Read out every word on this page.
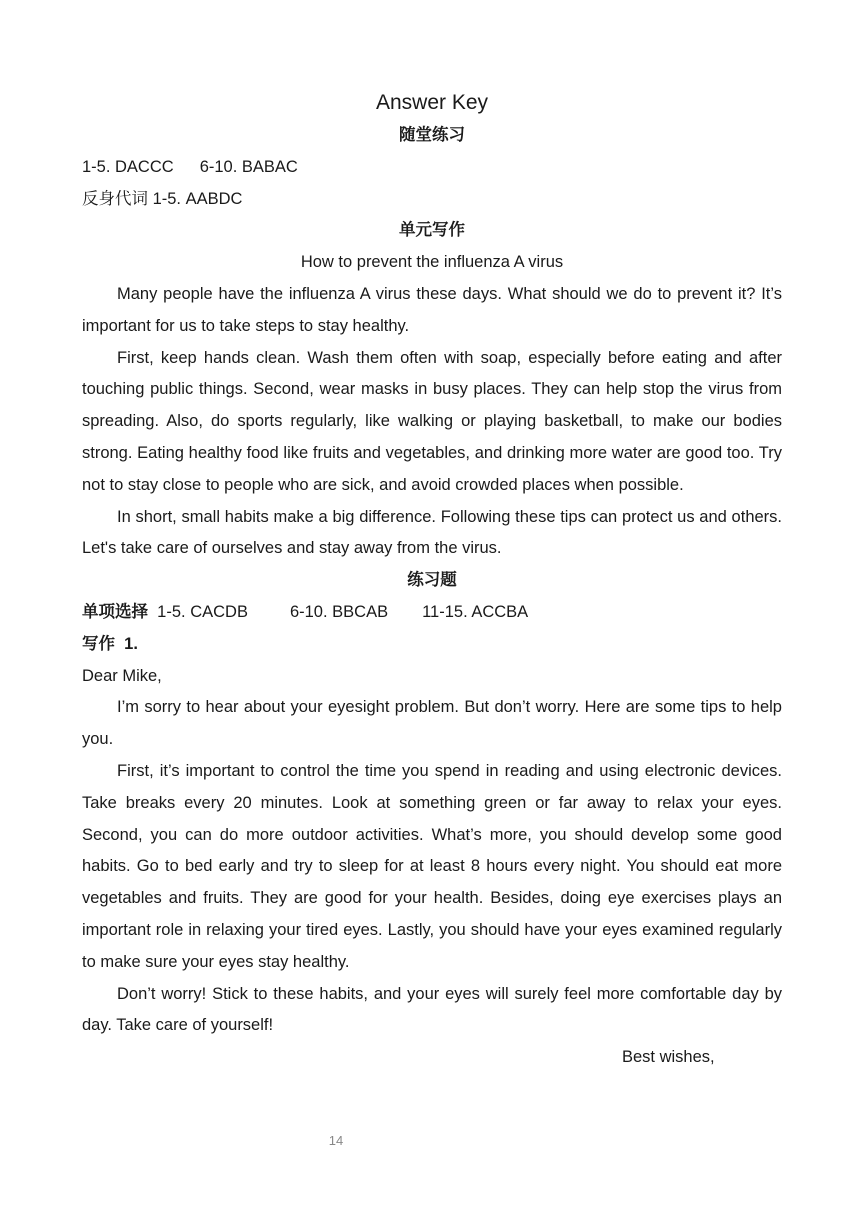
Answer Key
随堂练习
1-5. DACCC 6-10. BABAC
反身代词 1-5. AABDC
单元写作
How to prevent the influenza A virus

Many people have the influenza A virus these days. What should we do to prevent it? It’s important for us to take steps to stay healthy.

First, keep hands clean. Wash them often with soap, especially before eating and after touching public things. Second, wear masks in busy places. They can help stop the virus from spreading. Also, do sports regularly, like walking or playing basketball, to make our bodies strong. Eating healthy food like fruits and vegetables, and drinking more water are good too. Try not to stay close to people who are sick, and avoid crowded places when possible.

In short, small habits make a big difference. Following these tips can protect us and others. Let's take care of ourselves and stay away from the virus.

练习题
单项选择 1-5. CACDB	6-10. BBCAB 11-15. ACCBA
写作 1.
Dear Mike,

I’m sorry to hear about your eyesight problem. But don’t worry. Here are some tips to help you.

First, it’s important to control the time you spend in reading and using electronic devices. Take breaks every 20 minutes. Look at something green or far away to relax your eyes. Second, you can do more outdoor activities. What’s more, you should develop some good habits. Go to bed early and try to sleep for at least 8 hours every night. You should eat more vegetables and fruits. They are good for your health. Besides, doing eye exercises plays an important role in relaxing your tired eyes. Lastly, you should have your eyes examined regularly to make sure your eyes stay healthy.

Don’t worry! Stick to these habits, and your eyes will surely feel more comfortable day by day. Take care of yourself!

Best wishes,
14
